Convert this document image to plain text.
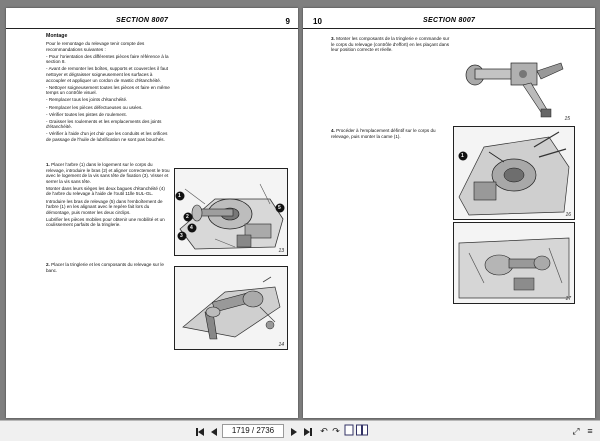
SECTION 8007	9

Montage

Pour le remontage du relevage tenir compte des recommandations suivantes :

- Pour l'orientation des différentes pièces faire référence à la section 8.

- Avant de remonter les boîtes, supports et couvercles il faut nettoyer et dégraisser soigneusement les surfaces à accoupler et appliquer un cordon de mastic d'étanchéité.

- Nettoyer soigneusement toutes les pièces et faire en même temps un contrôle visuel.

- Remplacer tous les joints d'étanchéité.

- Remplacer les pièces défectueuses ou usées.

- Vérifier toutes les pistes de roulement.

- Graisser les roulements et les emplacements des joints d'étanchéité.

- Vérifier à l'aide d'un jet d'air que les conduits et les orifices de passage de l'huile de lubrification ne sont pas bouchés.

1. Placer l'arbre (1) dans le logement sur le corps du relevage, introduire le bras (2) et aligner correctement le trou avec le logement de la vis sans tête de fixation (3). Visser et serrer la vis sans tête.

Monter dans leurs sièges les deux bagues d'étanchéité (4) de l'arbre du relevage à l'aide de l'outil 11lle 5UL-GL.

Introduire les bras de relevage (5) dans l'emboîtement de l'arbre (1) en les alignant avec le repère fait lors du démontage, puis monter les deux circlips.

Lubrifier les pièces mobiles pour obtenir une mobilité et un coulissement parfaits de la tringlerie.

13
1
2
3
4
5

2. Placer la tringlerie et les composants du relevage sur le banc.

14
10	SECTION 8007

3. Monter les composants de la tringlerie e commande sur le corps du relevage (contrôle d'effort) en les plaçant dans leur position correcte et réelle.

15

4. Procéder à l'emplacement défintif sur le corps du relevage, puis monter la came (1).

16
1
17
1719 / 2736	↶ ↷	⤢ ≡
